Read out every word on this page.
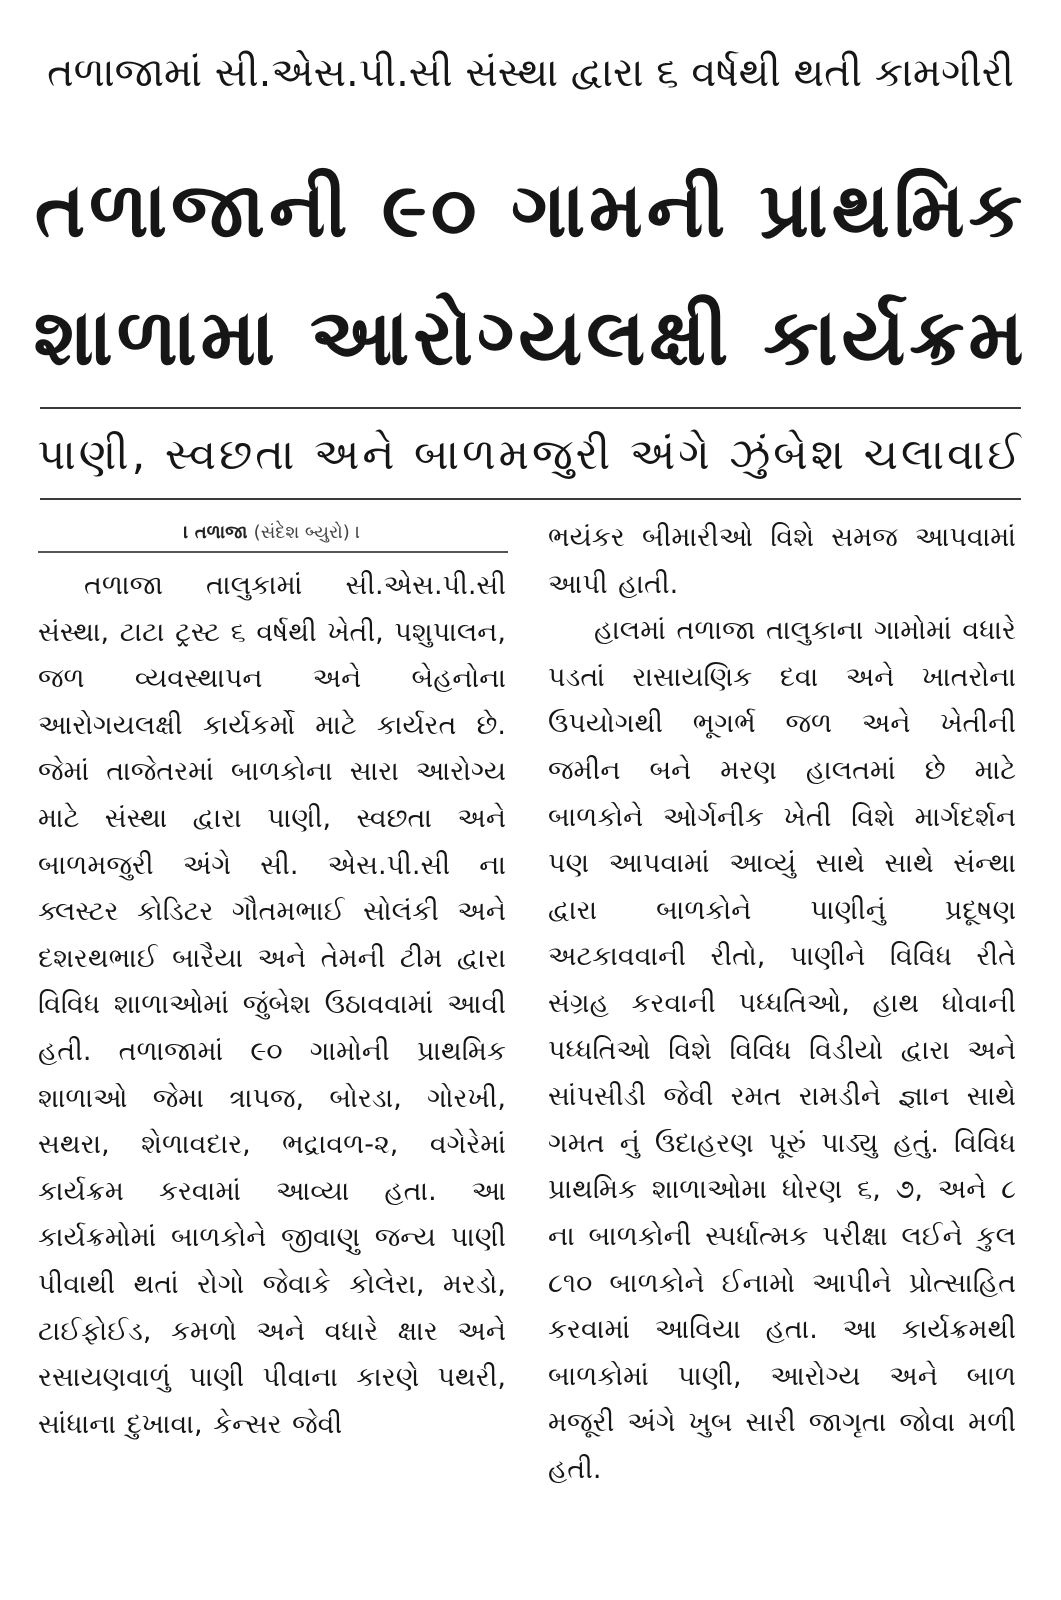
તળાજામાં સી.એસ.પી.સી સંસ્થા દ્વારા ૬ વર્ષથી થતી કામગીરી
તળાજાની ૯૦ ગામની પ્રાથમિક
શાળામા આરોગ્યલક્ષી કાર્યક્રમ
પાણી, સ્વછતા અને બાળમજુરી અંગે ઝુંબેશ ચલાવાઈ
। તળાજા (સંદેશ બ્યુરો) ।

તળાજા તાલુકામાં સી.એસ.પી.સી સંસ્થા, ટાટા ટ્રસ્ટ ૬ વર્ષથી ખેતી, પશુપાલન, જળ વ્યવસ્થાપન અને બેહનોના આરોગયલક્ષી કાર્યકર્મો માટે કાર્યરત છે. જેમાં તાજેતરમાં બાળકોના સારા આરોગ્ય માટે સંસ્થા દ્વારા પાણી, સ્વછતા અને બાળમજુરી અંગે સી. એસ.પી.સી ના ક્લસ્ટર કોડિટર ગૌતમભાઈ સોલંકી અને દશરથભાઈ બારૈયા અને તેમની ટીમ દ્વારા વિવિધ શાળાઓમાં જુંબેશ ઉઠાવવામાં આવી હતી. તળાજામાં ૯૦ ગામોની પ્રાથમિક શાળાઓ જેમા ત્રાપજ, બોરડા, ગોરખી, સથરા, શેળાવદાર, ભદ્રાવળ-૨, વગેરેમાં કાર્યક્રમ કરવામાં આવ્યા હતા. આ કાર્યક્રમોમાં બાળકોને જીવાણુ જન્ય પાણી પીવાથી થતાં રોગો જેવાકે કોલેરા, મરડો, ટાઈફોઈડ, કમળો અને વધારે ક્ષાર અને રસાયણવાળું પાણી પીવાના કારણે પથરી, સાંધાના દુખાવા, કેન્સર જેવી

ભયંકર બીમારીઓ વિશે સમજ આપવામાં આપી હાતી.

હાલમાં તળાજા તાલુકાના ગામોમાં વધારે પડતાં રાસાયણિક દવા અને ખાતરોના ઉપયોગથી ભૂગર્ભ જળ અને ખેતીની જમીન બને મરણ હાલતમાં છે માટે બાળકોને ઓર્ગનીક ખેતી વિશે માર્ગદર્શન પણ આપવામાં આવ્યું સાથે સાથે સંન્થા દ્વારા બાળકોને પાણીનું પ્રદૂષણ અટકાવવાની રીતો, પાણીને વિવિધ રીતે સંગ્રહ કરવાની પધ્ધતિઓ, હાથ ધોવાની પધ્ધતિઓ વિશે વિવિધ વિડીયો દ્વારા અને સાંપસીડી જેવી રમત રામડીને જ્ઞાન સાથે ગમત નું ઉદાહરણ પૂરું પાડ્યુ હતું. વિવિધ પ્રાથમિક શાળાઓમા ધોરણ ૬, ૭, અને ૮ ના બાળકોની સ્પર્ધાત્મક પરીક્ષા લઈને કુલ ૮૧૦ બાળકોને ઈનામો આપીને પ્રોત્સાહિત કરવામાં આવિયા હતા. આ કાર્યક્રમથી બાળકોમાં પાણી, આરોગ્ય અને બાળ મજૂરી અંગે ખુબ સારી જાગૃતા જોવા મળી હતી.
